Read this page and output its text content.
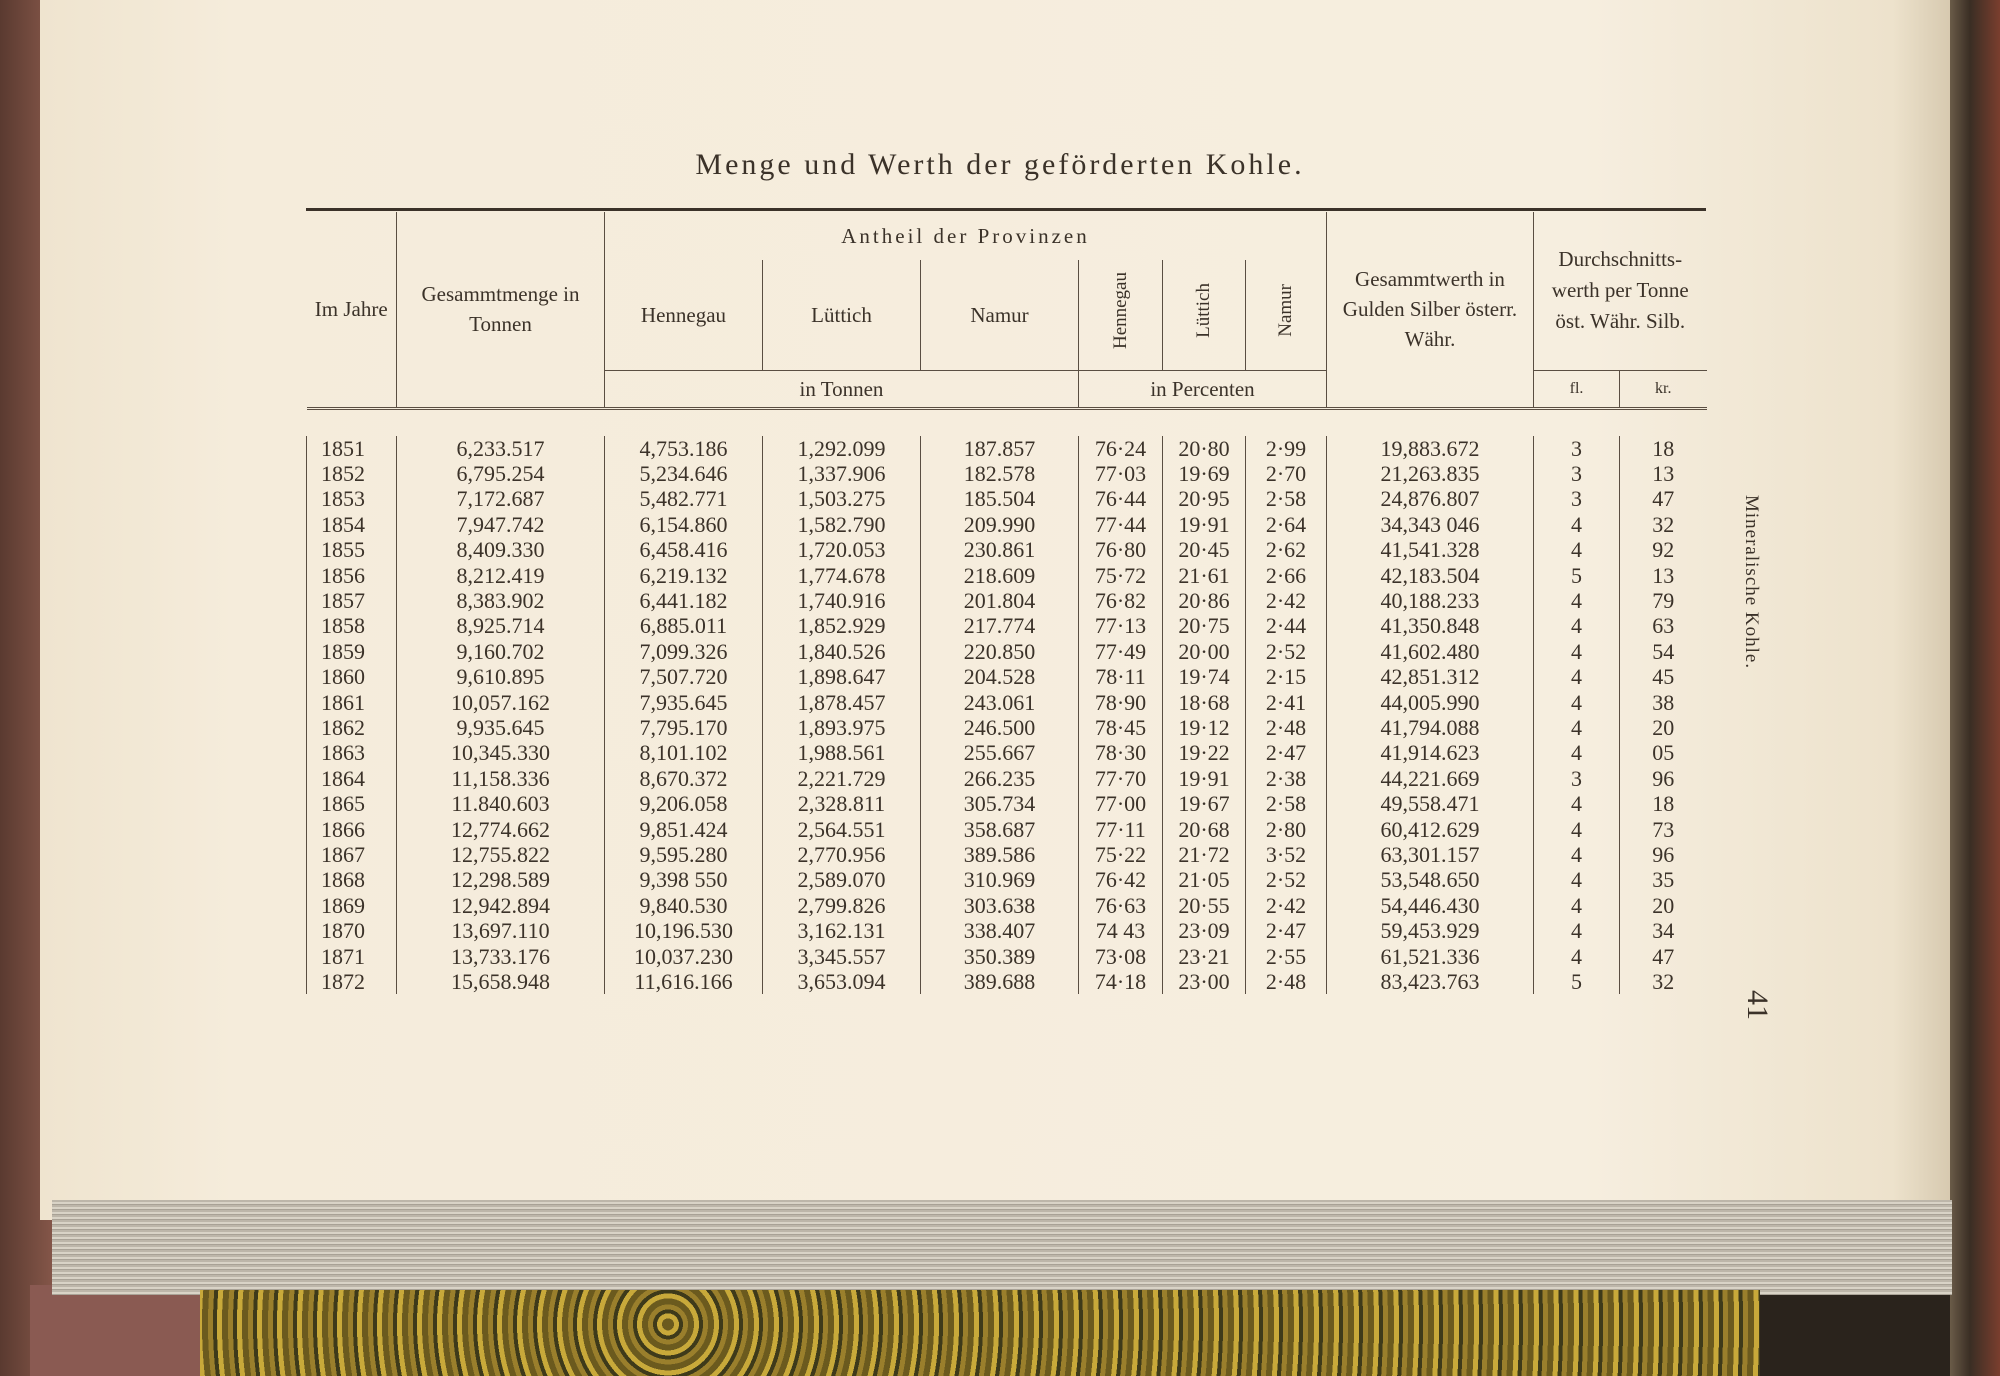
Menge und Werth der geförderten Kohle.
Im Jahre	Gesammtmenge in Tonnen	Antheil der Provinzen						Gesammtwerth in Gulden Silber österr. Währ.	Durchschnitts-werth per Tonne öst. Währ. Silb.	
		Hennegau	Lüttich	Namur	Hennegau	Lüttich	Namur			
		in Tonnen			in Percenten				fl.	kr.

1851	6,233.517	4,753.186	1,292.099	187.857	76·24	20·80	2·99	19,883.672	3	18
1852	6,795.254	5,234.646	1,337.906	182.578	77·03	19·69	2·70	21,263.835	3	13
1853	7,172.687	5,482.771	1,503.275	185.504	76·44	20·95	2·58	24,876.807	3	47
1854	7,947.742	6,154.860	1,582.790	209.990	77·44	19·91	2·64	34,343 046	4	32
1855	8,409.330	6,458.416	1,720.053	230.861	76·80	20·45	2·62	41,541.328	4	92
1856	8,212.419	6,219.132	1,774.678	218.609	75·72	21·61	2·66	42,183.504	5	13
1857	8,383.902	6,441.182	1,740.916	201.804	76·82	20·86	2·42	40,188.233	4	79
1858	8,925.714	6,885.011	1,852.929	217.774	77·13	20·75	2·44	41,350.848	4	63
1859	9,160.702	7,099.326	1,840.526	220.850	77·49	20·00	2·52	41,602.480	4	54
1860	9,610.895	7,507.720	1,898.647	204.528	78·11	19·74	2·15	42,851.312	4	45
1861	10,057.162	7,935.645	1,878.457	243.061	78·90	18·68	2·41	44,005.990	4	38
1862	9,935.645	7,795.170	1,893.975	246.500	78·45	19·12	2·48	41,794.088	4	20
1863	10,345.330	8,101.102	1,988.561	255.667	78·30	19·22	2·47	41,914.623	4	05
1864	11,158.336	8,670.372	2,221.729	266.235	77·70	19·91	2·38	44,221.669	3	96
1865	11.840.603	9,206.058	2,328.811	305.734	77·00	19·67	2·58	49,558.471	4	18
1866	12,774.662	9,851.424	2,564.551	358.687	77·11	20·68	2·80	60,412.629	4	73
1867	12,755.822	9,595.280	2,770.956	389.586	75·22	21·72	3·52	63,301.157	4	96
1868	12,298.589	9,398 550	2,589.070	310.969	76·42	21·05	2·52	53,548.650	4	35
1869	12,942.894	9,840.530	2,799.826	303.638	76·63	20·55	2·42	54,446.430	4	20
1870	13,697.110	10,196.530	3,162.131	338.407	74 43	23·09	2·47	59,453.929	4	34
1871	13,733.176	10,037.230	3,345.557	350.389	73·08	23·21	2·55	61,521.336	4	47
1872	15,658.948	11,616.166	3,653.094	389.688	74·18	23·00	2·48	83,423.763	5	32
Mineralische Kohle.
41
